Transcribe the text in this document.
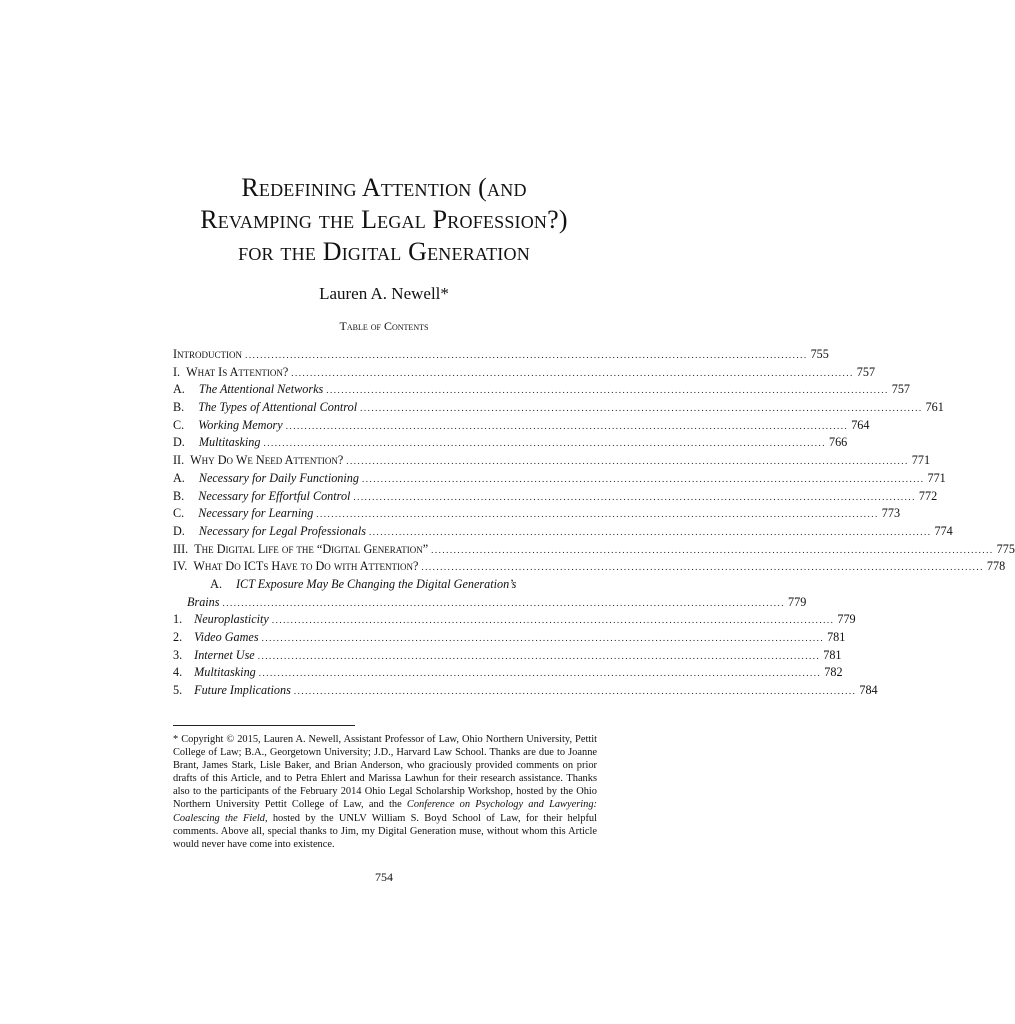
Redefining Attention (and
Revamping the Legal Profession?)
for the Digital Generation
Lauren A. Newell*
Table of Contents
Introduction ...................................................................................................................................................... 755
I. What Is Attention? ...................................................................................................................................................... 757
A. The Attentional Networks ...................................................................................................................................................... 757
B. The Types of Attentional Control ...................................................................................................................................................... 761
C. Working Memory ...................................................................................................................................................... 764
D. Multitasking ...................................................................................................................................................... 766
II. Why Do We Need Attention? ...................................................................................................................................................... 771
A. Necessary for Daily Functioning ...................................................................................................................................................... 771
B. Necessary for Effortful Control ...................................................................................................................................................... 772
C. Necessary for Learning ...................................................................................................................................................... 773
D. Necessary for Legal Professionals ...................................................................................................................................................... 774
III. The Digital Life of the “Digital Generation” ...................................................................................................................................................... 775
IV. What Do ICTs Have to Do with Attention? ...................................................................................................................................................... 778
A. ICT Exposure May Be Changing the Digital Generation’s
Brains ...................................................................................................................................................... 779
1. Neuroplasticity ...................................................................................................................................................... 779
2. Video Games ...................................................................................................................................................... 781
3. Internet Use ...................................................................................................................................................... 781
4. Multitasking ...................................................................................................................................................... 782
5. Future Implications ...................................................................................................................................................... 784

* Copyright © 2015, Lauren A. Newell, Assistant Professor of Law, Ohio Northern University, Pettit College of Law; B.A., Georgetown University; J.D., Harvard Law School. Thanks are due to Joanne Brant, James Stark, Lisle Baker, and Brian Anderson, who graciously provided comments on prior drafts of this Article, and to Petra Ehlert and Marissa Lawhun for their research assistance. Thanks also to the participants of the February 2014 Ohio Legal Scholarship Workshop, hosted by the Ohio Northern University Pettit College of Law, and the Conference on Psychology and Lawyering: Coalescing the Field, hosted by the UNLV William S. Boyd School of Law, for their helpful comments. Above all, special thanks to Jim, my Digital Generation muse, without whom this Article would never have come into existence.

754
